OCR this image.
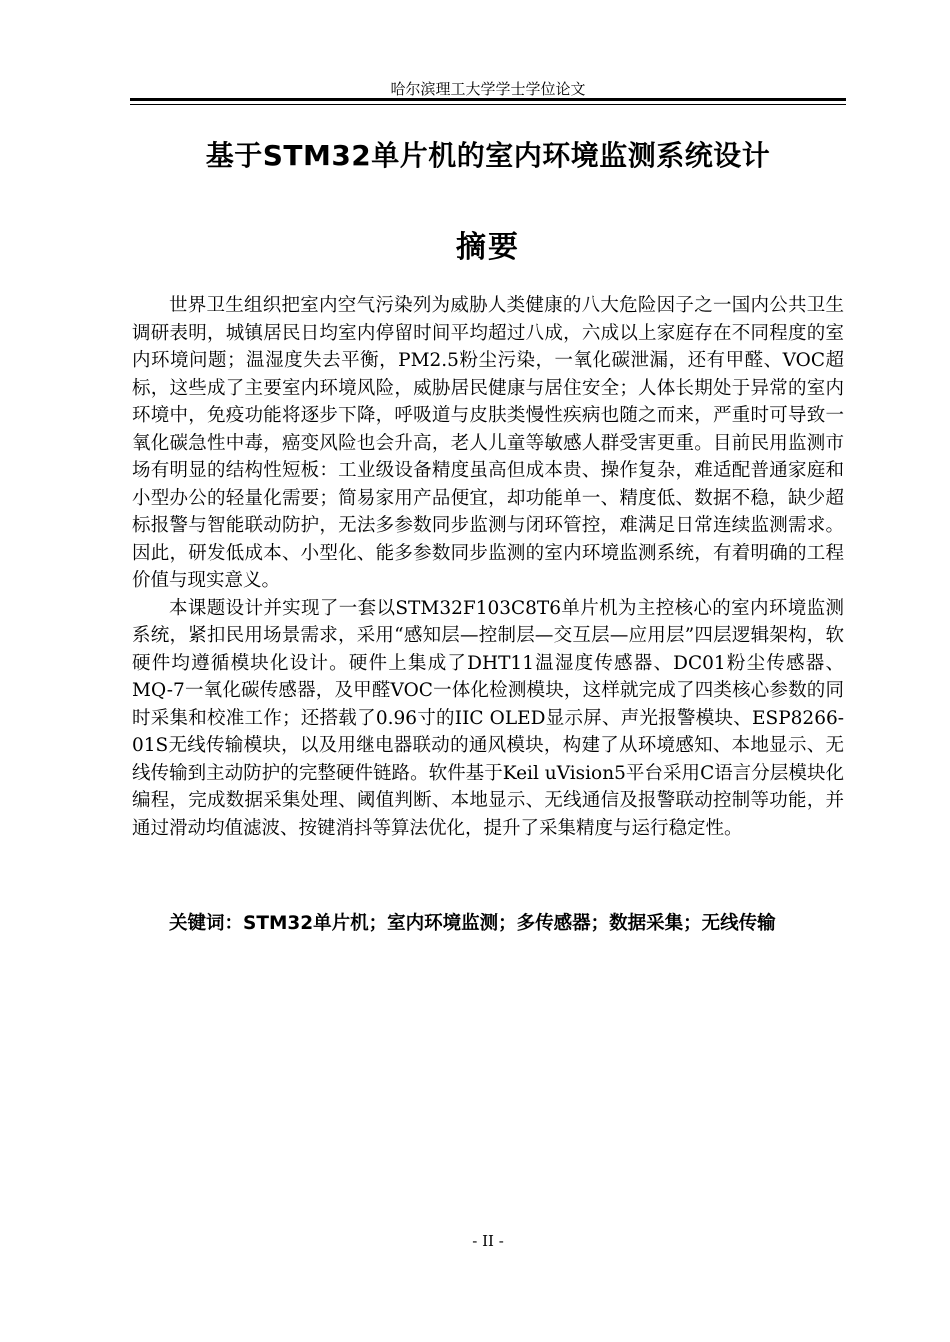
哈尔滨理工大学学士学位论文
基于STM32单片机的室内环境监测系统设计
摘要

世界卫生组织把室内空气污染列为威胁人类健康的八大危险因子之一国内公共卫生调研表明，城镇居民日均室内停留时间平均超过八成，六成以上家庭存在不同程度的室内环境问题；温湿度失去平衡，PM2.5粉尘污染，一氧化碳泄漏，还有甲醛、VOC超标，这些成了主要室内环境风险，威胁居民健康与居住安全；人体长期处于异常的室内环境中，免疫功能将逐步下降，呼吸道与皮肤类慢性疾病也随之而来，严重时可导致一氧化碳急性中毒，癌变风险也会升高，老人儿童等敏感人群受害更重。目前民用监测市场有明显的结构性短板：工业级设备精度虽高但成本贵、操作复杂，难适配普通家庭和小型办公的轻量化需要；简易家用产品便宜，却功能单一、精度低、数据不稳，缺少超标报警与智能联动防护，无法多参数同步监测与闭环管控，难满足日常连续监测需求。因此，研发低成本、小型化、能多参数同步监测的室内环境监测系统，有着明确的工程价值与现实意义。

本课题设计并实现了一套以STM32F103C8T6单片机为主控核心的室内环境监测系统，紧扣民用场景需求，采用“感知层—控制层—交互层—应用层”四层逻辑架构，软硬件均遵循模块化设计。硬件上集成了DHT11温湿度传感器、DC01粉尘传感器、MQ-7一氧化碳传感器，及甲醛VOC一体化检测模块，这样就完成了四类核心参数的同时采集和校准工作；还搭载了0.96寸的IIC OLED显示屏、声光报警模块、ESP8266-01S无线传输模块，以及用继电器联动的通风模块，构建了从环境感知、本地显示、无线传输到主动防护的完整硬件链路。软件基于Keil uVision5平台采用C语言分层模块化编程，完成数据采集处理、阈值判断、本地显示、无线通信及报警联动控制等功能，并通过滑动均值滤波、按键消抖等算法优化，提升了采集精度与运行稳定性。

关键词：STM32单片机；室内环境监测；多传感器；数据采集；无线传输
- II -
